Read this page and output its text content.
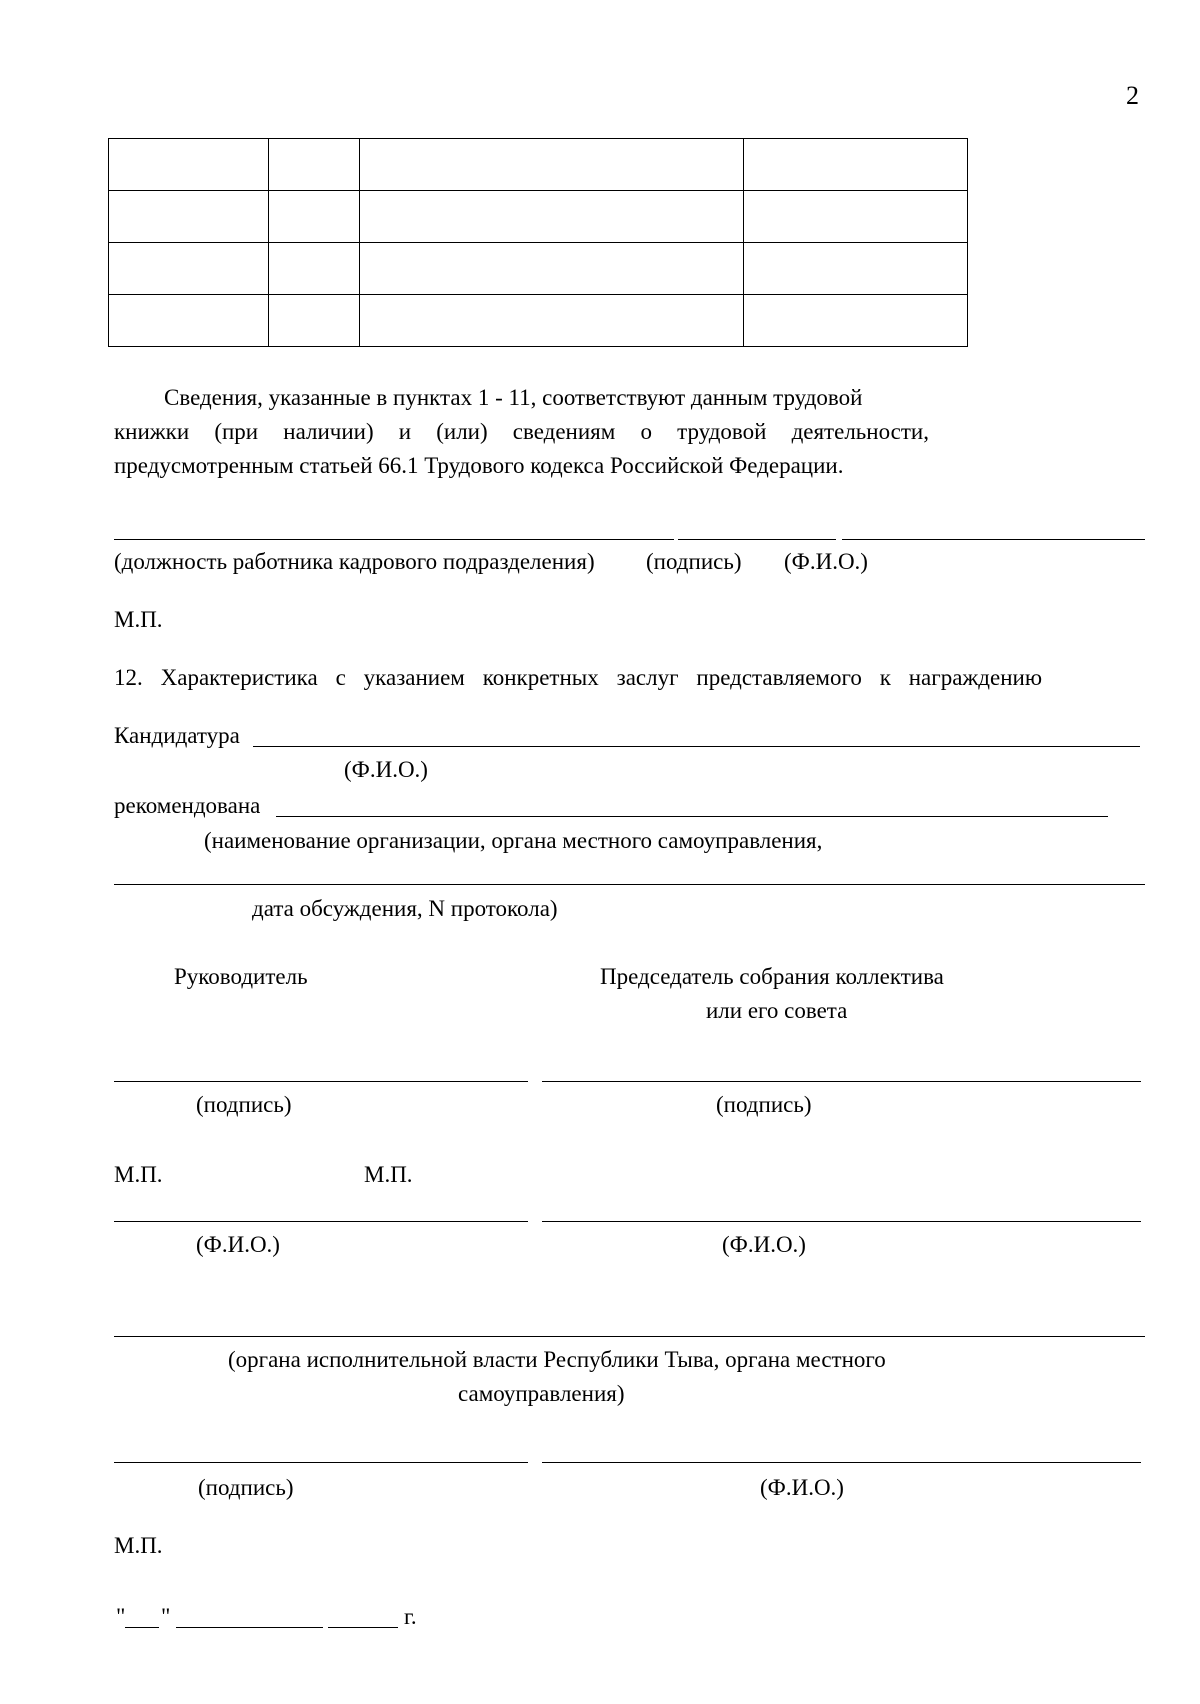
2

Сведения, указанные в пунктах 1 - 11, соответствуют данным трудовой
книжки (при наличии) и (или) сведениям о трудовой деятельности,
предусмотренным статьей 66.1 Трудового кодекса Российской Федерации.
(должность работника кадрового подразделения) (подпись) (Ф.И.О.)
М.П.
12. Характеристика с указанием конкретных заслуг представляемого к награждению
Кандидатура
(Ф.И.О.)
рекомендована
(наименование организации, органа местного самоуправления,
дата обсуждения, N протокола)
Руководитель	Председатель собрания коллектива
или его совета
(подпись)	(подпись)
М.П.	М.П.
(Ф.И.О.)	(Ф.И.О.)
(органа исполнительной власти Республики Тыва, органа местного
самоуправления)
(подпись)	(Ф.И.О.)
М.П.
" "	г.
